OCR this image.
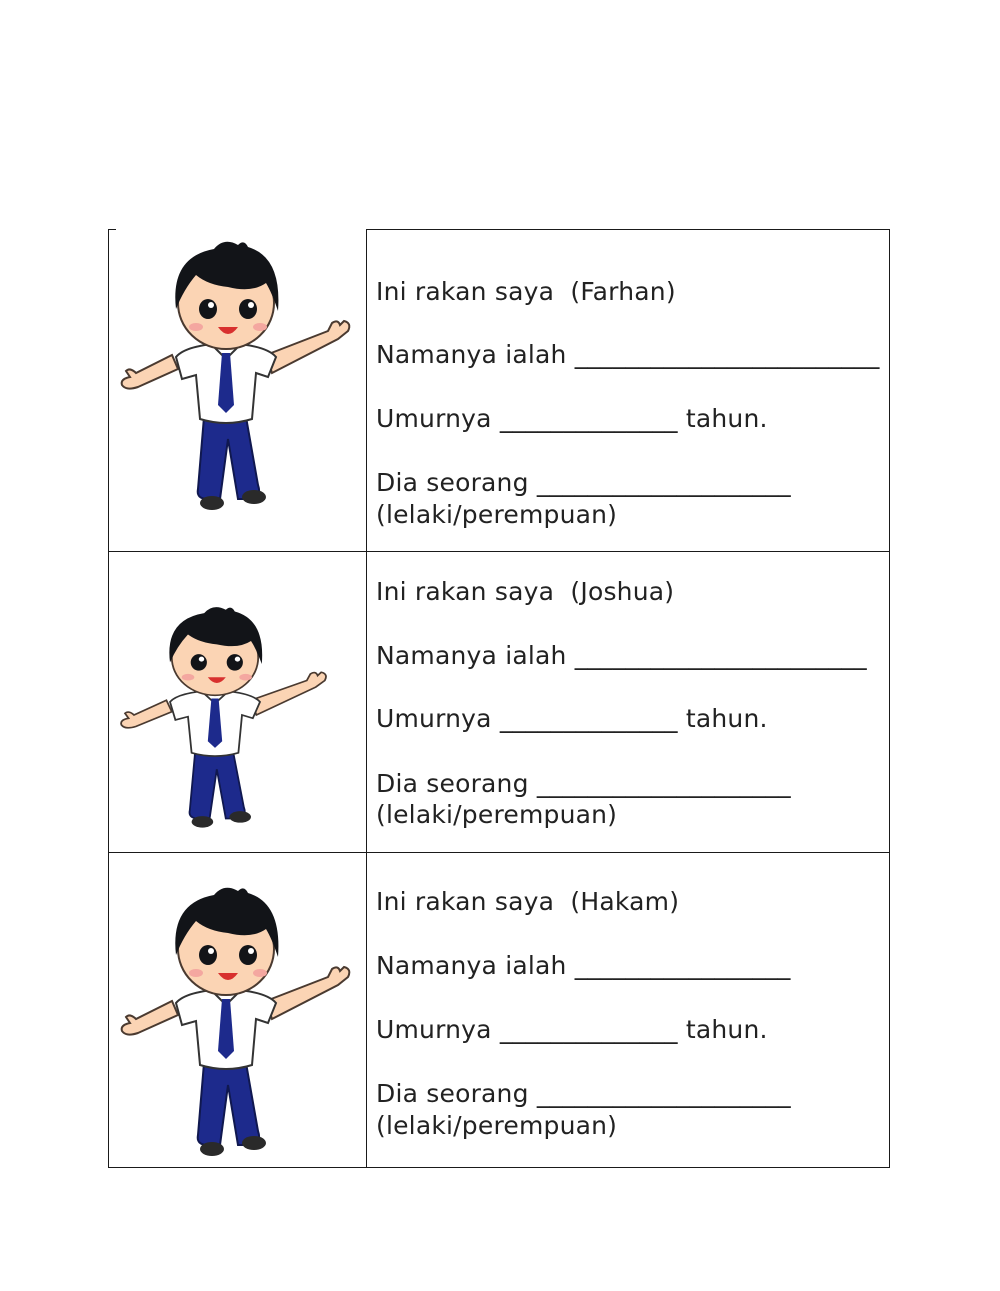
Ini rakan saya (Farhan)
Namanya ialah ________________________
Umurnya ______________ tahun.
Dia seorang ____________________
(lelaki/perempuan)
Ini rakan saya (Joshua)
Namanya ialah _______________________
Umurnya ______________ tahun.
Dia seorang ____________________
(lelaki/perempuan)
Ini rakan saya (Hakam)
Namanya ialah _________________
Umurnya ______________ tahun.
Dia seorang ____________________
(lelaki/perempuan)
